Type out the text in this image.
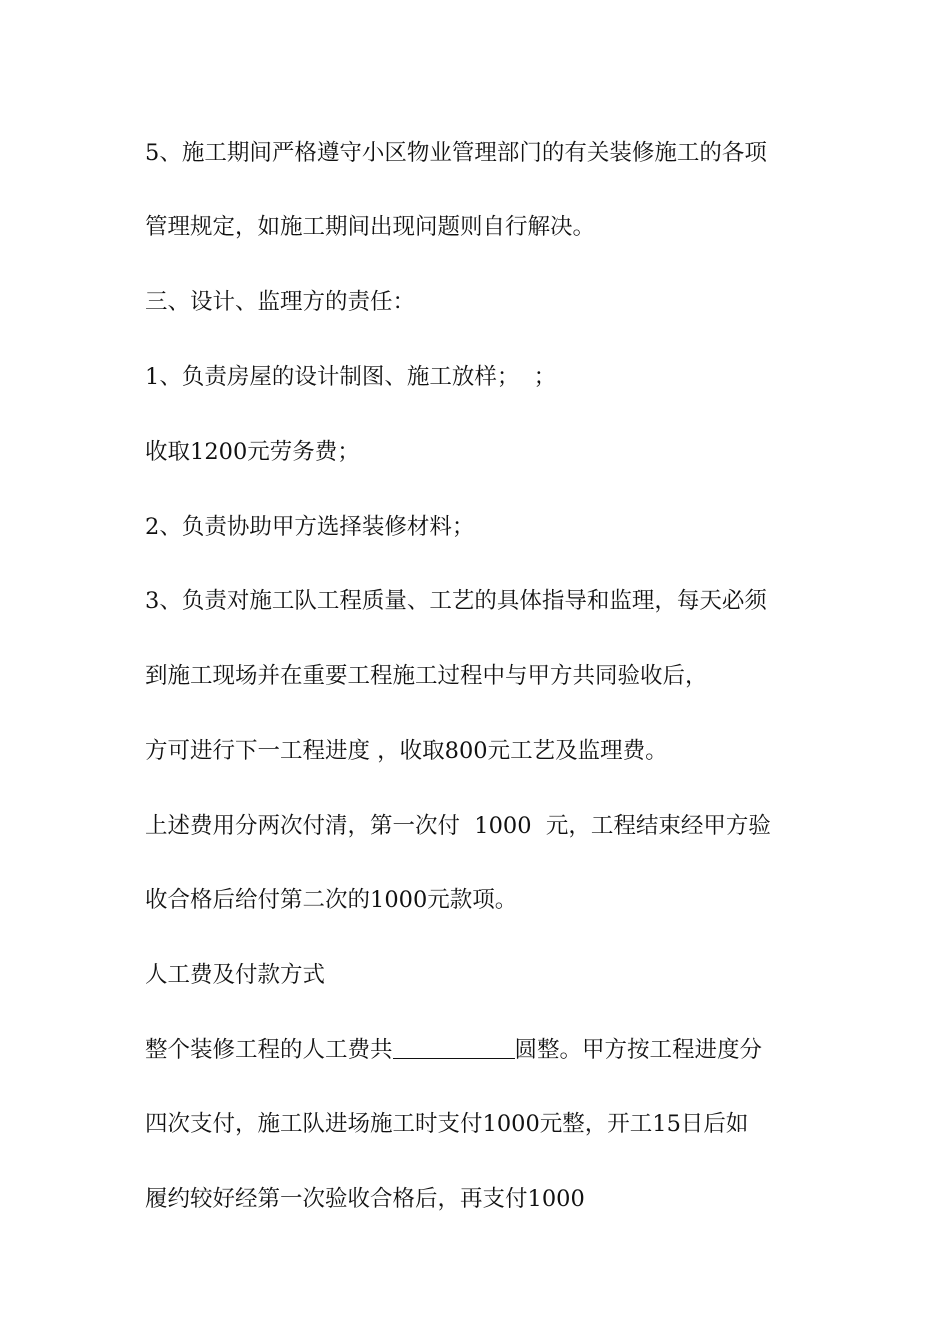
5、施工期间严格遵守小区物业管理部门的有关装修施工的各项

管理规定，如施工期间出现问题则自行解决。

三、设计、监理方的责任：

1、负责房屋的设计制图、施工放样；  ；

收取1200元劳务费；

2、负责协助甲方选择装修材料；

3、负责对施工队工程质量、工艺的具体指导和监理，每天必须

到施工现场并在重要工程施工过程中与甲方共同验收后，

方可进行下一工程进度 ，收取800元工艺及监理费。

上述费用分两次付清，第一次付  1000  元，工程结束经甲方验

收合格后给付第二次的1000元款项。

人工费及付款方式

整个装修工程的人工费共	圆整。甲方按工程进度分

四次支付，施工队进场施工时支付1000元整，开工15日后如

履约较好经第一次验收合格后，再支付1000
